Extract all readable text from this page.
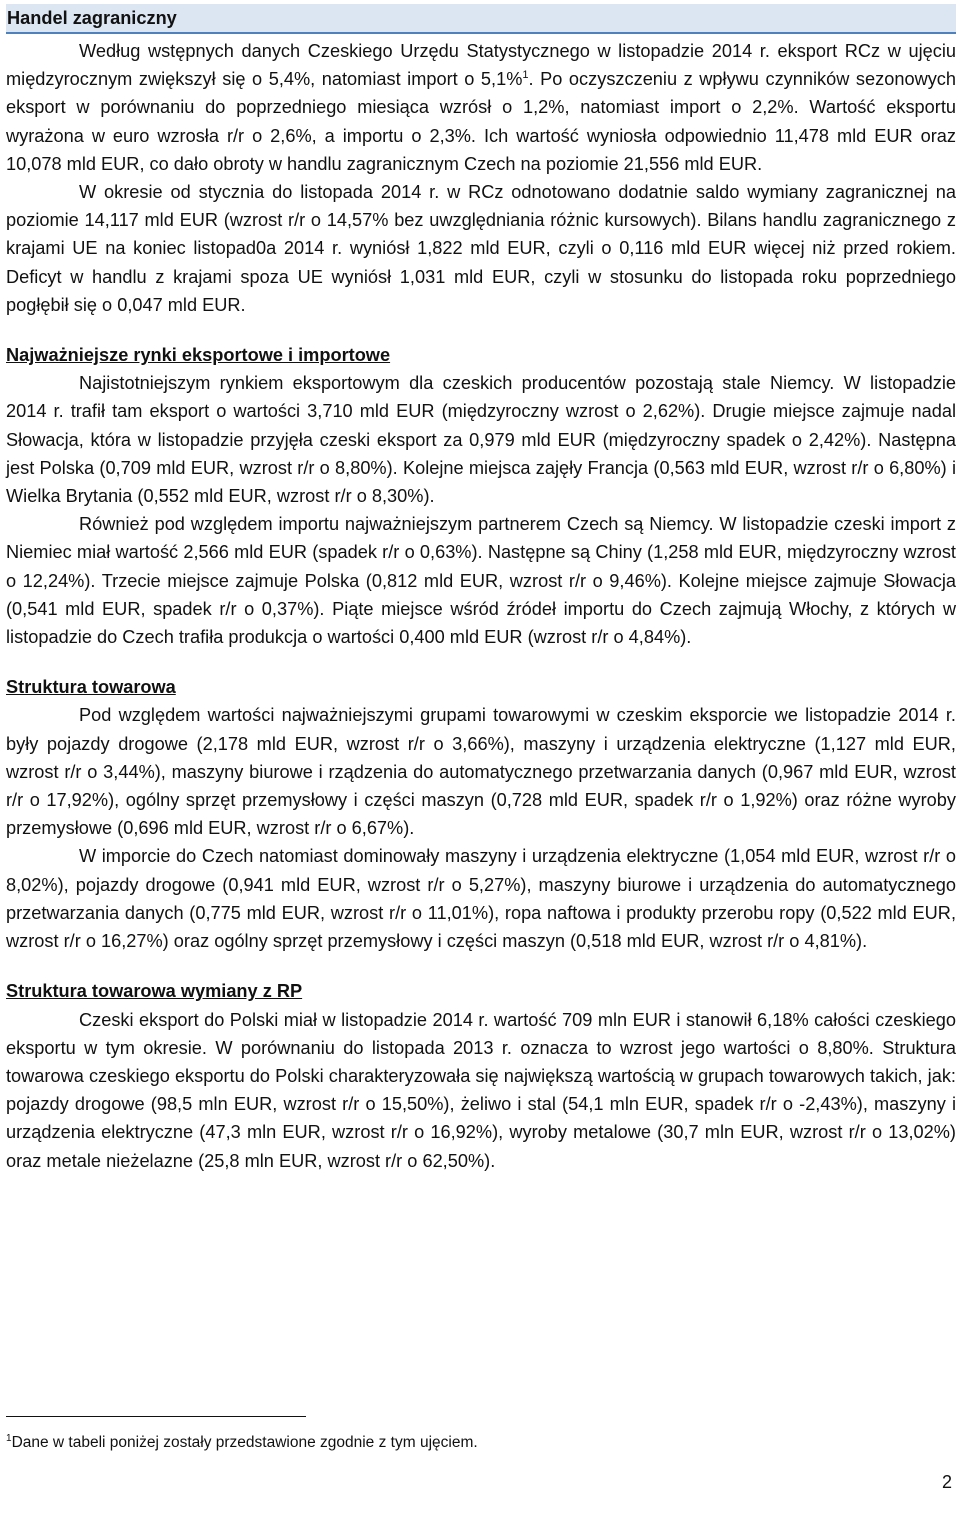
Handel zagraniczny

Według wstępnych danych Czeskiego Urzędu Statystycznego w listopadzie 2014 r. eksport RCz w ujęciu międzyrocznym zwiększył się o 5,4%, natomiast import o 5,1%$^1$. Po oczyszczeniu z wpływu czynników sezonowych eksport w porównaniu do poprzedniego miesiąca wzrósł o 1,2%, natomiast import o 2,2%. Wartość eksportu wyrażona w euro wzrosła r/r o 2,6%, a importu o 2,3%. Ich wartość wyniosła odpowiednio 11,478 mld EUR oraz 10,078 mld EUR, co dało obroty w handlu zagranicznym Czech na poziomie 21,556 mld EUR.

W okresie od stycznia do listopada 2014 r. w RCz odnotowano dodatnie saldo wymiany zagranicznej na poziomie 14,117 mld EUR (wzrost r/r o 14,57% bez uwzględniania różnic kursowych). Bilans handlu zagranicznego z krajami UE na koniec listopad0a 2014 r. wyniósł 1,822 mld EUR, czyli o 0,116 mld EUR więcej niż przed rokiem. Deficyt w handlu z krajami spoza UE wyniósł 1,031 mld EUR, czyli w stosunku do listopada roku poprzedniego pogłębił się o 0,047 mld EUR.

Najważniejsze rynki eksportowe i importowe

Najistotniejszym rynkiem eksportowym dla czeskich producentów pozostają stale Niemcy. W listopadzie 2014 r. trafił tam eksport o wartości 3,710 mld EUR (międzyroczny wzrost o 2,62%). Drugie miejsce zajmuje nadal Słowacja, która w listopadzie przyjęła czeski eksport za 0,979 mld EUR (międzyroczny spadek o 2,42%). Następna jest Polska (0,709 mld EUR, wzrost r/r o 8,80%). Kolejne miejsca zajęły Francja (0,563 mld EUR, wzrost r/r o 6,80%) i Wielka Brytania (0,552 mld EUR, wzrost r/r o 8,30%).

Również pod względem importu najważniejszym partnerem Czech są Niemcy. W listopadzie czeski import z Niemiec miał wartość 2,566 mld EUR (spadek r/r o 0,63%). Następne są Chiny (1,258 mld EUR, międzyroczny wzrost o 12,24%). Trzecie miejsce zajmuje Polska (0,812 mld EUR, wzrost r/r o 9,46%). Kolejne miejsce zajmuje Słowacja (0,541 mld EUR, spadek r/r o 0,37%). Piąte miejsce wśród źródeł importu do Czech zajmują Włochy, z których w listopadzie do Czech trafiła produkcja o wartości 0,400 mld EUR (wzrost r/r o 4,84%).

Struktura towarowa

Pod względem wartości najważniejszymi grupami towarowymi w czeskim eksporcie we listopadzie 2014 r. były pojazdy drogowe (2,178 mld EUR, wzrost r/r o 3,66%), maszyny i urządzenia elektryczne (1,127 mld EUR, wzrost r/r o 3,44%), maszyny biurowe i rządzenia do automatycznego przetwarzania danych (0,967 mld EUR, wzrost r/r o 17,92%), ogólny sprzęt przemysłowy i części maszyn (0,728 mld EUR, spadek r/r o 1,92%) oraz różne wyroby przemysłowe (0,696 mld EUR, wzrost r/r o 6,67%).

W imporcie do Czech natomiast dominowały maszyny i urządzenia elektryczne (1,054 mld EUR, wzrost r/r o 8,02%), pojazdy drogowe (0,941 mld EUR, wzrost r/r o 5,27%), maszyny biurowe i urządzenia do automatycznego przetwarzania danych (0,775 mld EUR, wzrost r/r o 11,01%), ropa naftowa i produkty przerobu ropy (0,522 mld EUR, wzrost r/r o 16,27%) oraz ogólny sprzęt przemysłowy i części maszyn (0,518 mld EUR, wzrost r/r o 4,81%).

Struktura towarowa wymiany z RP

Czeski eksport do Polski miał w listopadzie 2014 r. wartość 709 mln EUR i stanowił 6,18% całości czeskiego eksportu w tym okresie. W porównaniu do listopada 2013 r. oznacza to wzrost jego wartości o 8,80%. Struktura towarowa czeskiego eksportu do Polski charakteryzowała się największą wartością w grupach towarowych takich, jak: pojazdy drogowe (98,5 mln EUR, wzrost r/r o 15,50%), żeliwo i stal (54,1 mln EUR, spadek r/r o -2,43%), maszyny i urządzenia elektryczne (47,3 mln EUR, wzrost r/r o 16,92%), wyroby metalowe (30,7 mln EUR, wzrost r/r o 13,02%) oraz metale nieżelazne (25,8 mln EUR, wzrost r/r o 62,50%).

$^1$Dane w tabeli poniżej zostały przedstawione zgodnie z tym ujęciem.
2
